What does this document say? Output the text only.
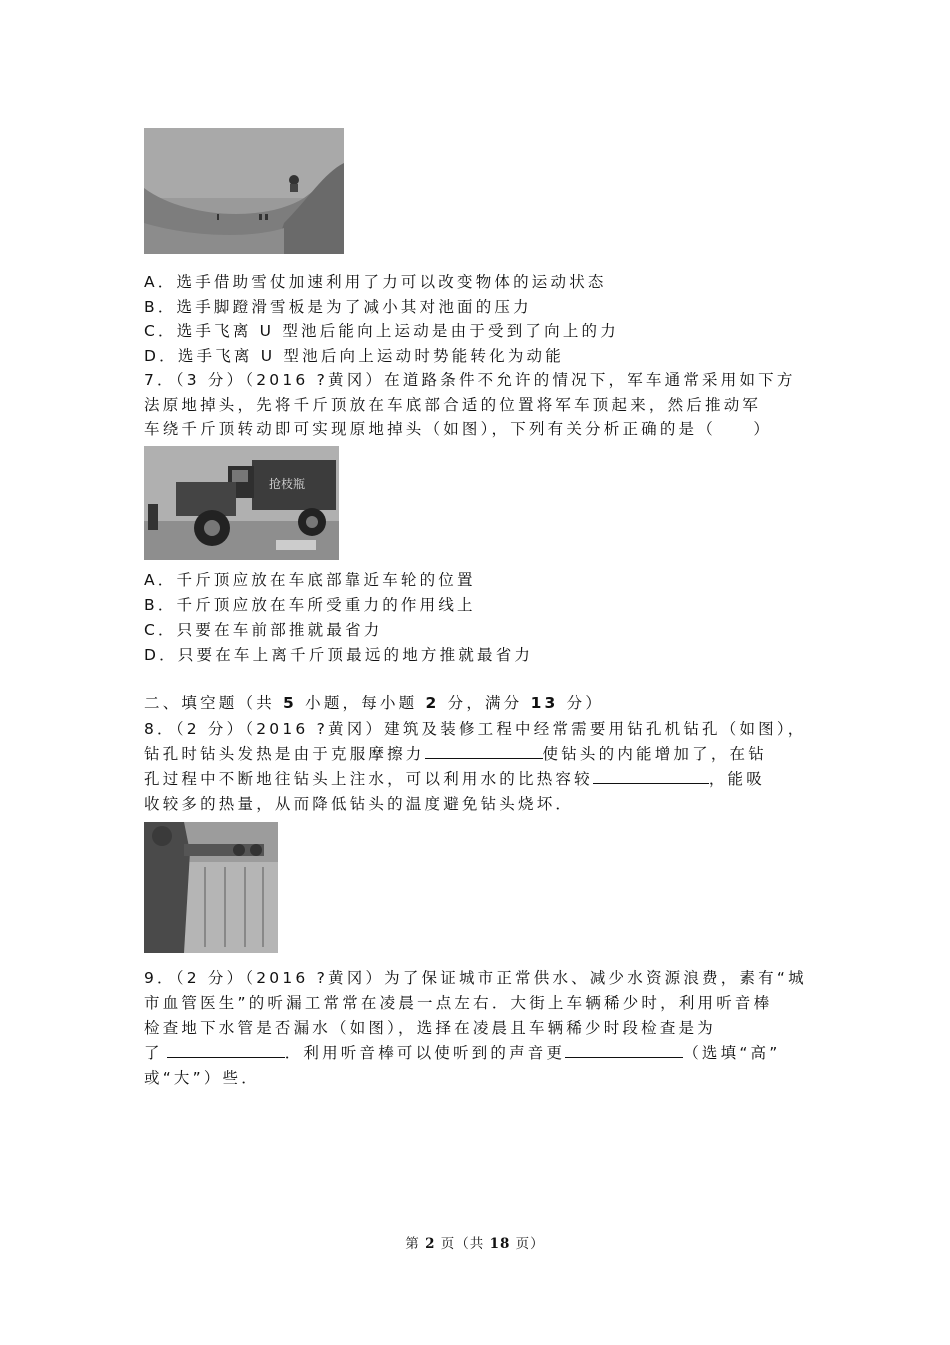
A．选手借助雪仗加速利用了力可以改变物体的运动状态
B．选手脚蹬滑雪板是为了减小其对池面的压力
C．选手飞离 U 型池后能向上运动是由于受到了向上的力
D．选手飞离 U 型池后向上运动时势能转化为动能
7．（3 分）（2016 ?黄冈）在道路条件不允许的情况下，军车通常采用如下方
法原地掉头，先将千斤顶放在车底部合适的位置将军车顶起来，然后推动军
车绕千斤顶转动即可实现原地掉头（如图），下列有关分析正确的是（　　）
抢枝瓶
A．千斤顶应放在车底部靠近车轮的位置
B．千斤顶应放在车所受重力的作用线上
C．只要在车前部推就最省力
D．只要在车上离千斤顶最远的地方推就最省力
二、填空题（共 5 小题，每小题 2 分，满分 13 分）
8．（2 分）（2016 ?黄冈）建筑及装修工程中经常需要用钻孔机钻孔（如图），
钻孔时钻头发热是由于克服摩擦力	使钻头的内能增加了，在钻
孔过程中不断地往钻头上注水，可以利用水的比热容较	，能吸
收较多的热量，从而降低钻头的温度避免钻头烧坏．
9．（2 分）（2016 ?黄冈）为了保证城市正常供水、减少水资源浪费，素有“城
市血管医生”的听漏工常常在凌晨一点左右．大街上车辆稀少时，利用听音棒
检查地下水管是否漏水（如图），选择在凌晨且车辆稀少时段检查是为
了	．利用听音棒可以使听到的声音更	（选填“高”
或“大”）些．
第 2 页（共 18 页）
